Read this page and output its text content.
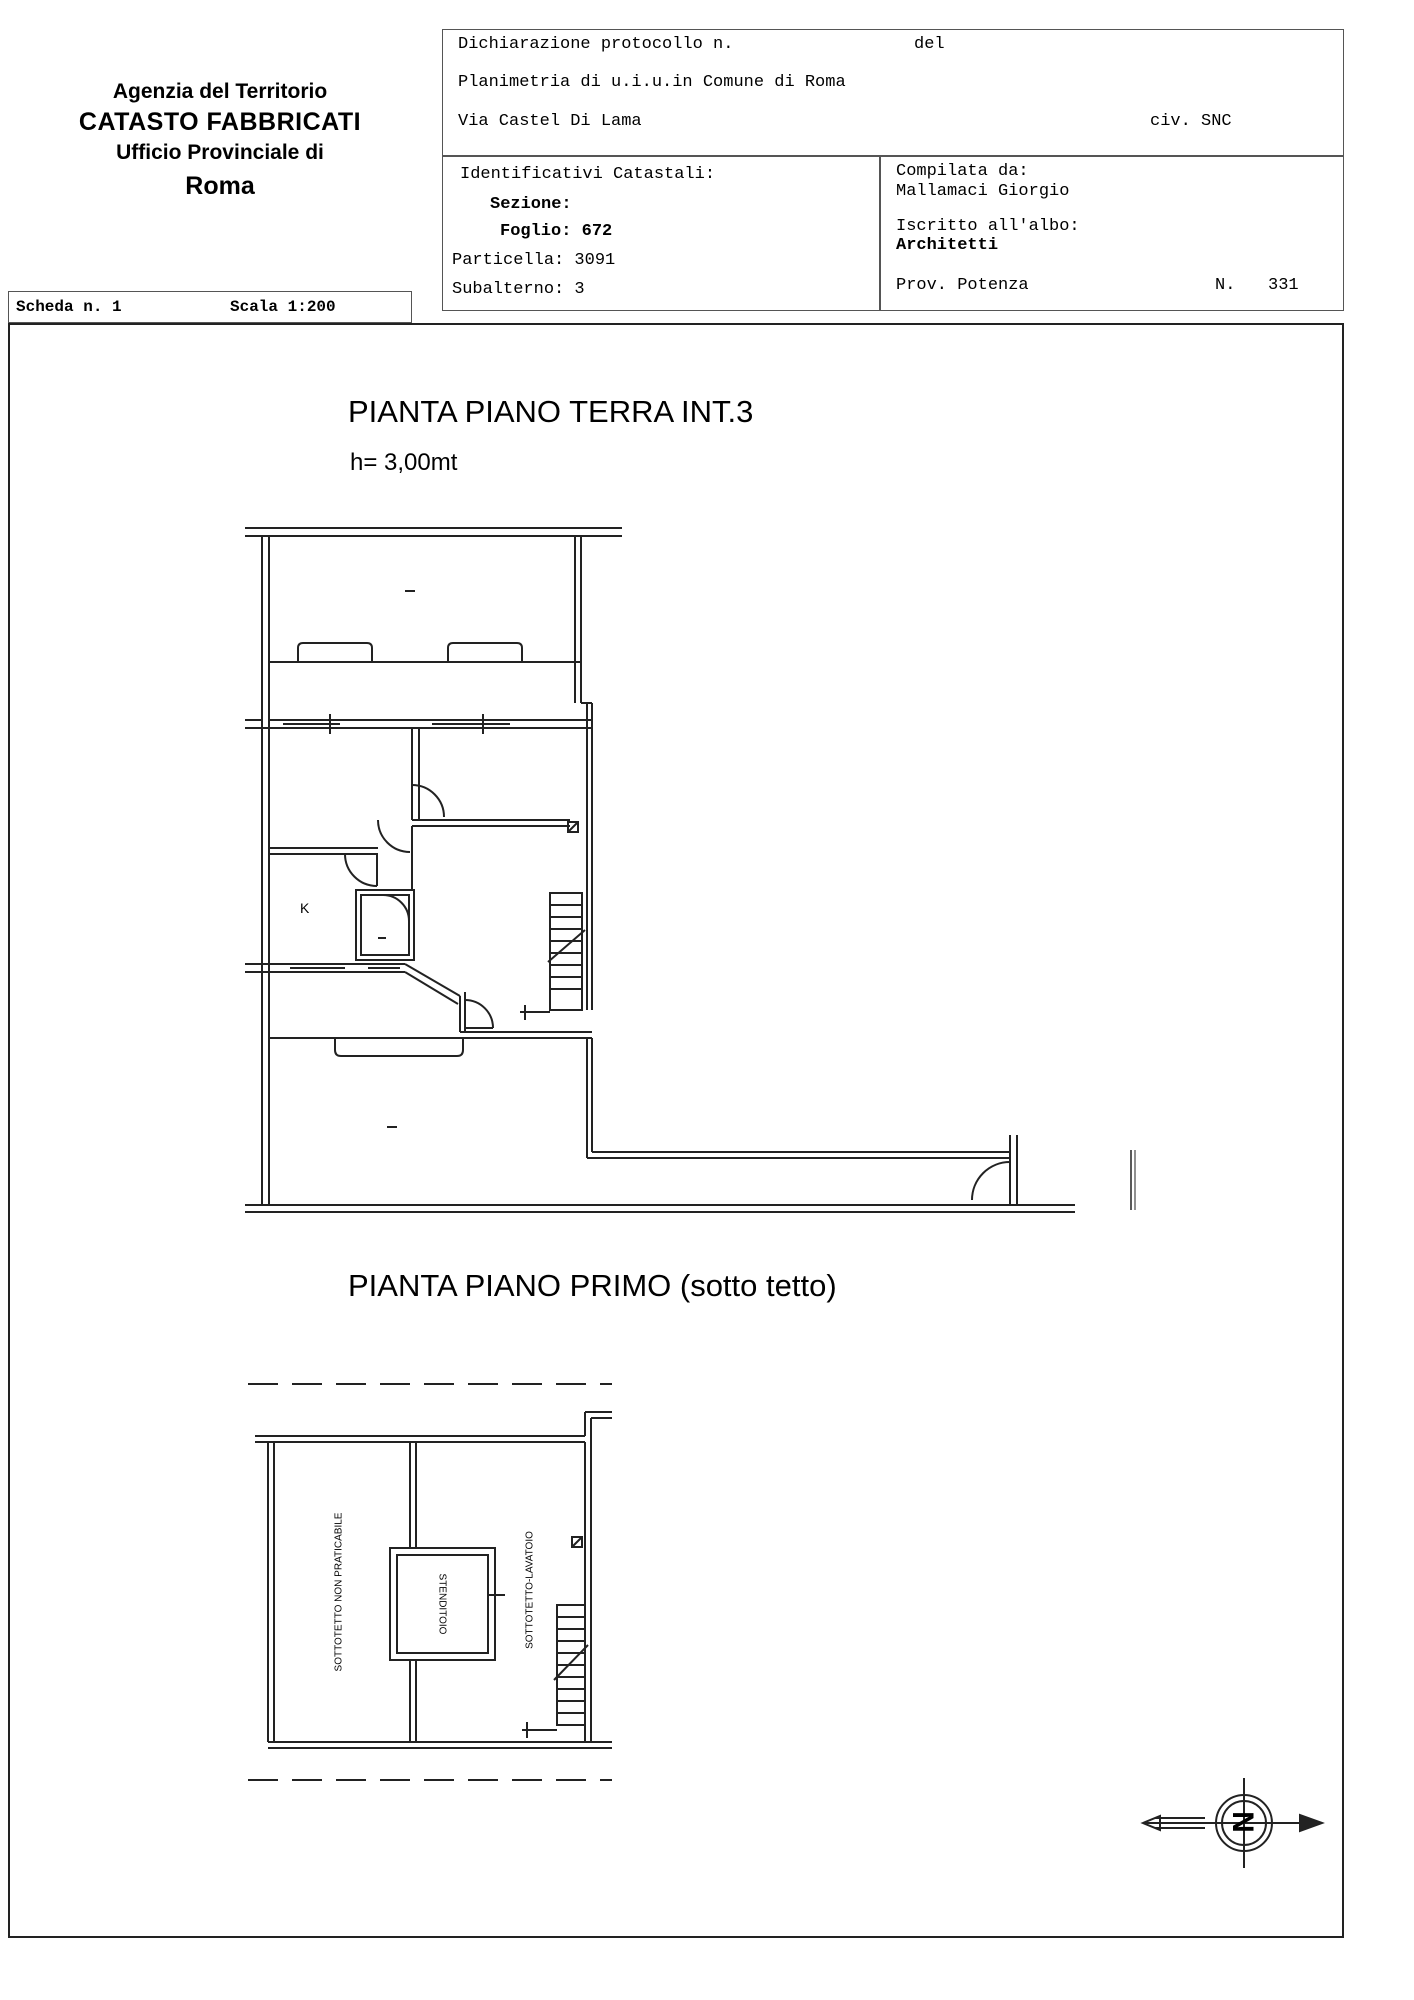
Agenzia del Territorio
CATASTO FABBRICATI
Ufficio Provinciale di
Roma
Scheda n. 1	Scala 1:200
Dichiarazione protocollo n.	del
Planimetria di u.i.u.in Comune di Roma
Via Castel Di Lama	civ. SNC
Identificativi Catastali:
Sezione:
Foglio: 672
Particella: 3091
Subalterno: 3
Compilata da:
Mallamaci Giorgio
Iscritto all'albo:
Architetti
Prov. Potenza	N. 331
PIANTA PIANO TERRA INT.3
h= 3,00mt
PIANTA PIANO PRIMO (sotto tetto)
K
SOTTOTETTO NON PRATICABILE	STENDITOIO	SOTTOTETTO-LAVATOIO
N
